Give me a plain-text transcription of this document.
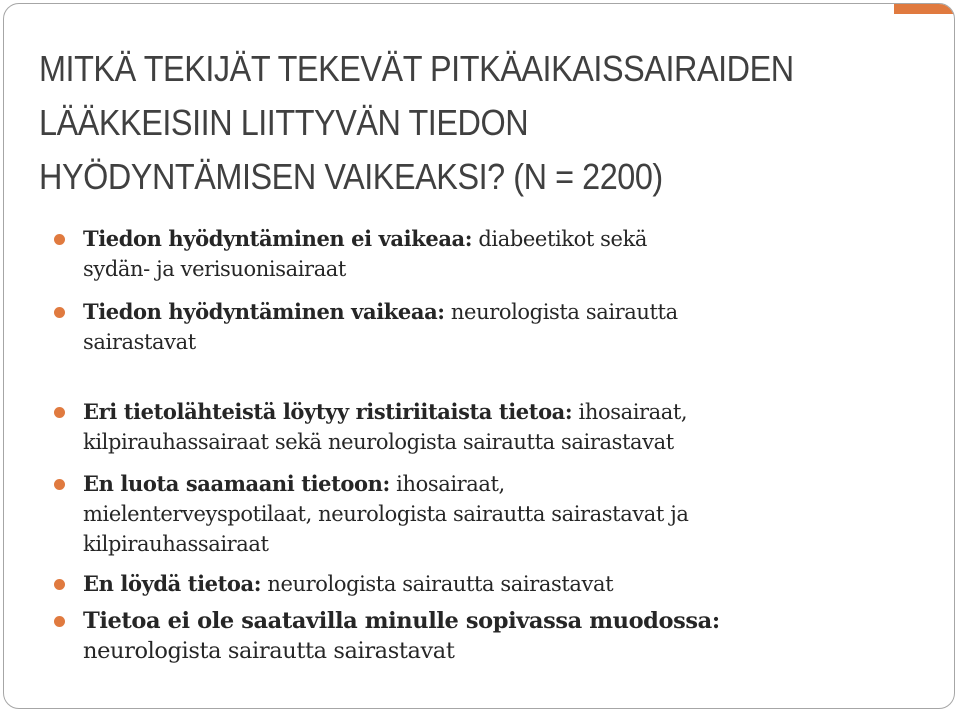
MITKÄ TEKIJÄT TEKEVÄT PITKÄAIKAISSAIRAIDEN
LÄÄKKEISIIN LIITTYVÄN TIEDON
HYÖDYNTÄMISEN VAIKEAKSI? (N = 2200)
Tiedon hyödyntäminen ei vaikeaa: diabeetikot sekä
sydän- ja verisuonisairaat
Tiedon hyödyntäminen vaikeaa: neurologista sairautta
sairastavat
Eri tietolähteistä löytyy ristiriitaista tietoa: ihosairaat,
kilpirauhassairaat sekä neurologista sairautta sairastavat
En luota saamaani tietoon: ihosairaat,
mielenterveyspotilaat, neurologista sairautta sairastavat ja
kilpirauhassairaat
En löydä tietoa: neurologista sairautta sairastavat
Tietoa ei ole saatavilla minulle sopivassa muodossa:
neurologista sairautta sairastavat
